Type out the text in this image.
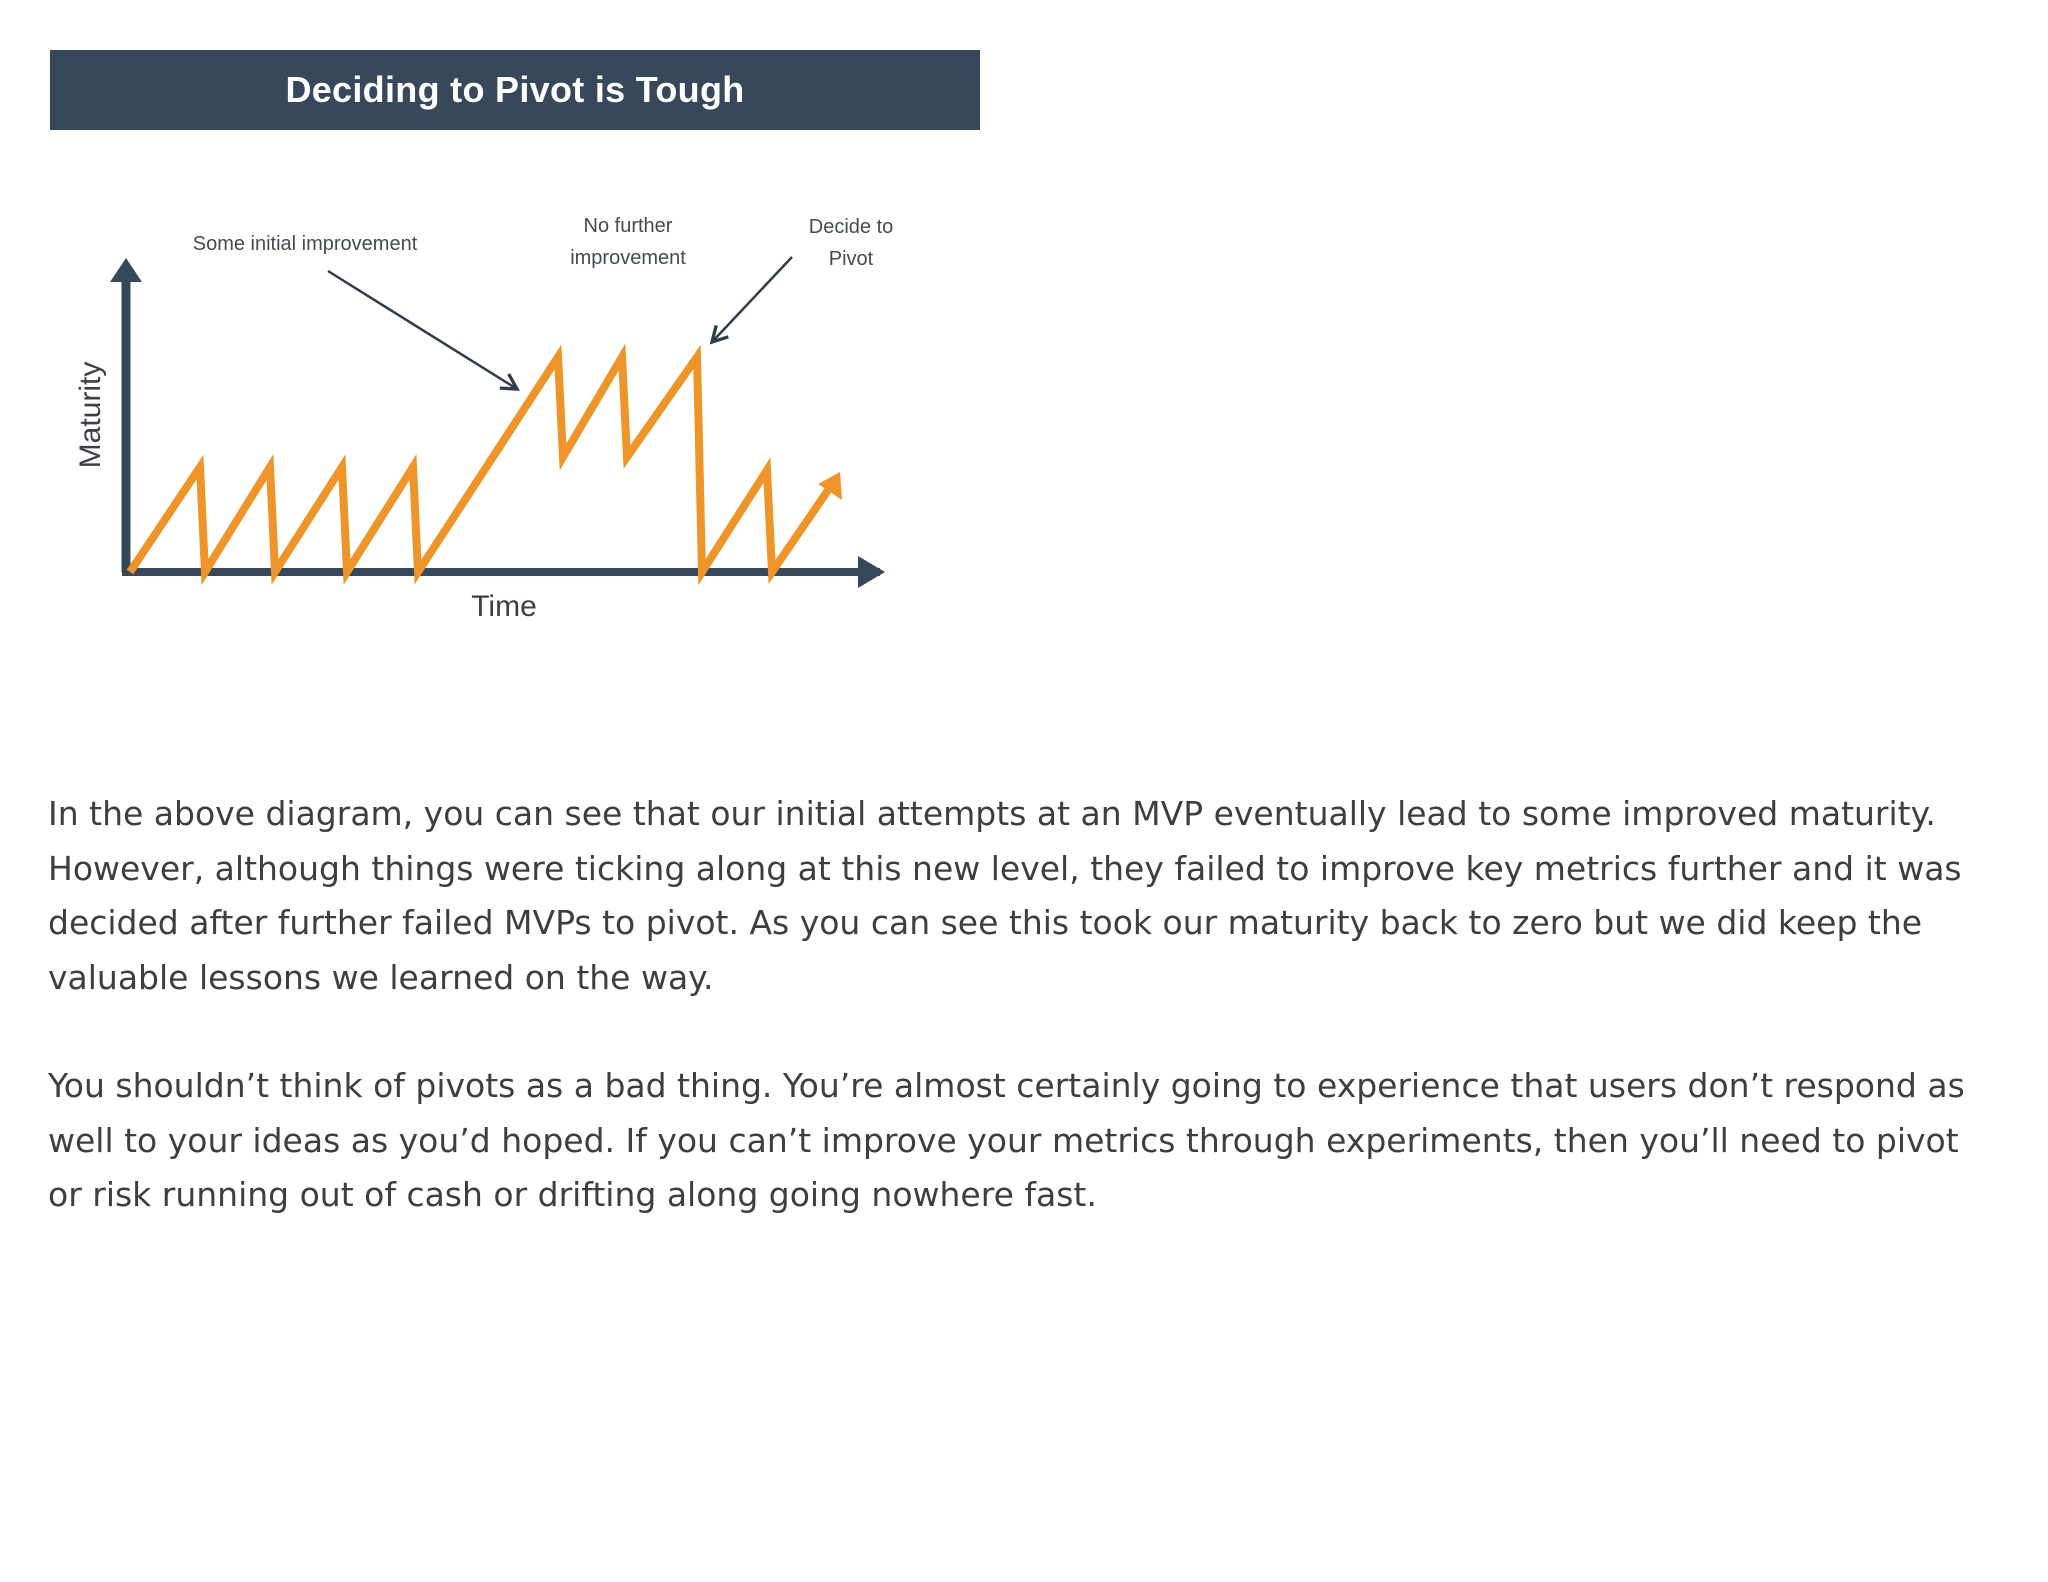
Some initial improvement
No further
improvement
Decide to
Pivot
Maturity
Time
Deciding to Pivot is Tough

In the above diagram, you can see that our initial attempts at an MVP eventually lead to some improved maturity. However, although things were ticking along at this new level, they failed to improve key metrics further and it was decided after further failed MVPs to pivot. As you can see this took our maturity back to zero but we did keep the valuable lessons we learned on the way.

You shouldn’t think of pivots as a bad thing. You’re almost certainly going to experience that users don’t respond as well to your ideas as you’d hoped. If you can’t improve your metrics through experiments, then you’ll need to pivot or risk running out of cash or drifting along going nowhere fast.
